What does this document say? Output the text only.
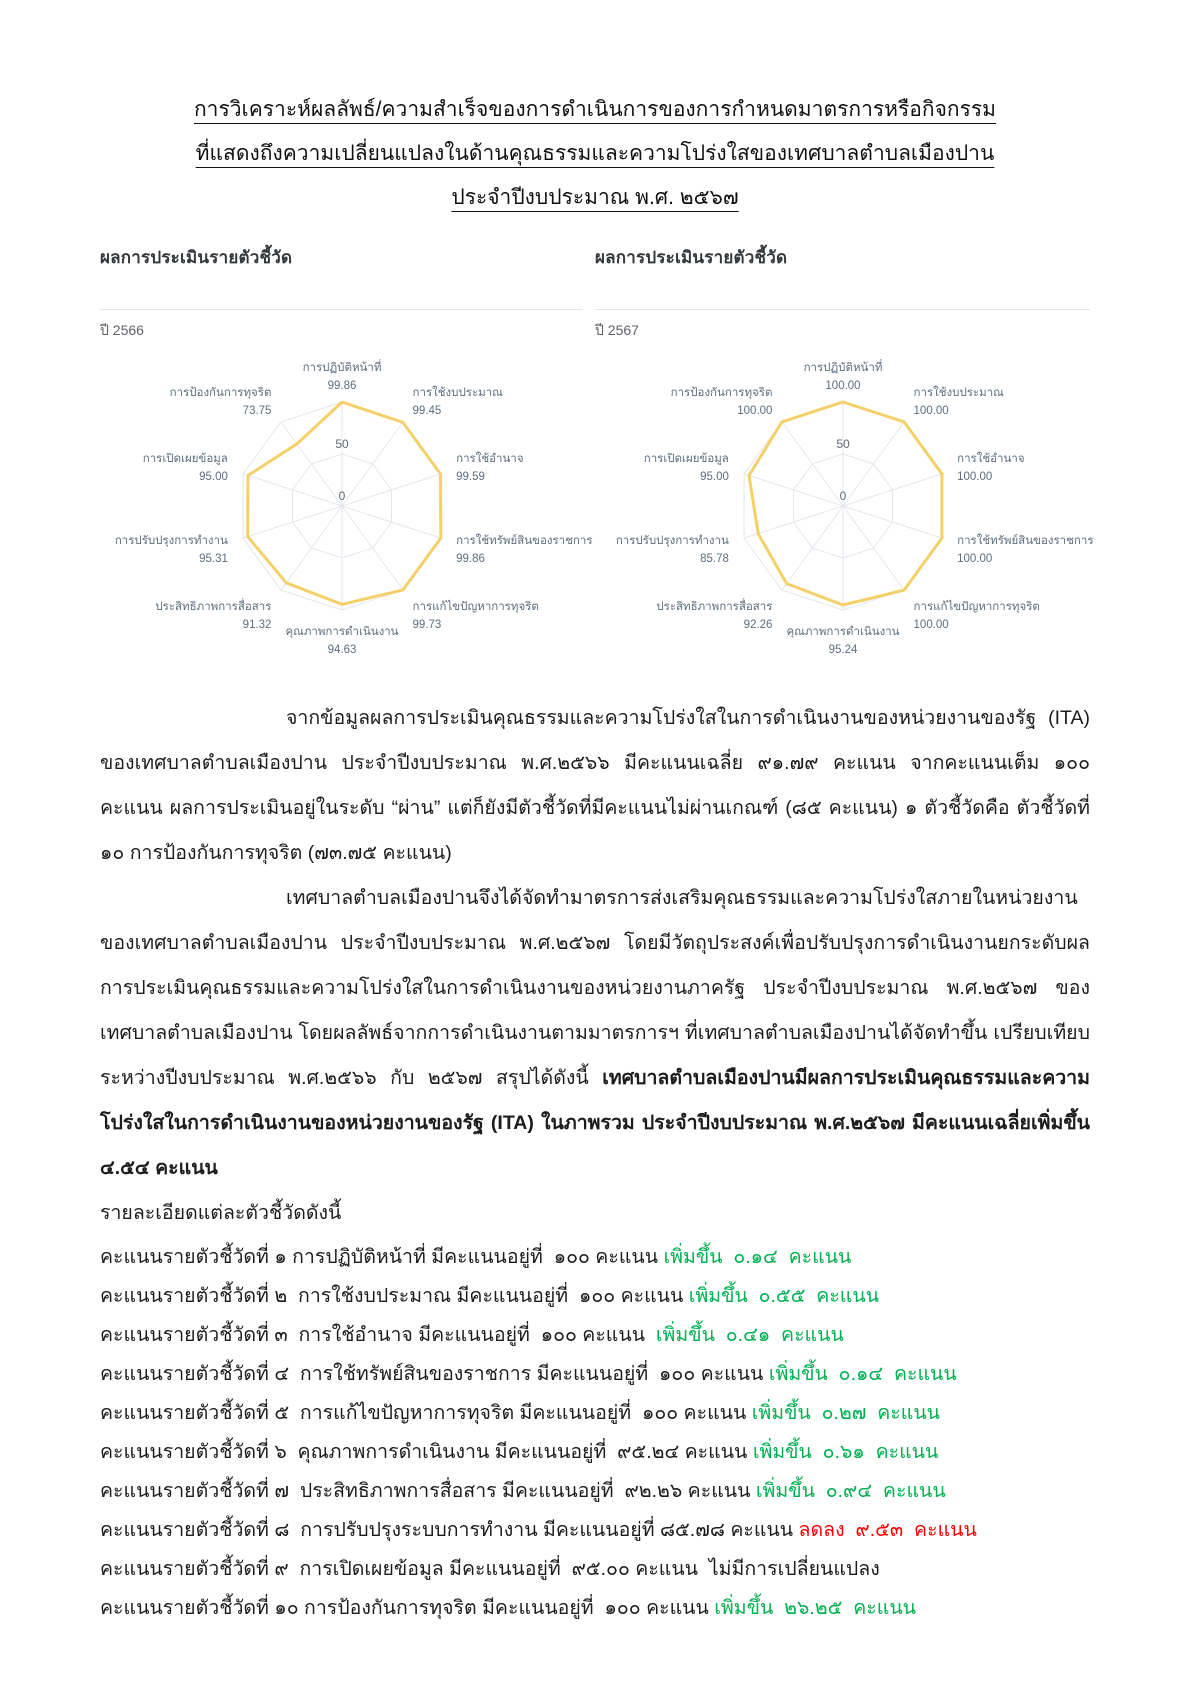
การวิเคราะห์ผลลัพธ์/ความสำเร็จของการดำเนินการของการกำหนดมาตรการหรือกิจกรรม
ที่แสดงถึงความเปลี่ยนแปลงในด้านคุณธรรมและความโปร่งใสของเทศบาลตำบลเมืองปาน
ประจำปีงบประมาณ พ.ศ. ๒๕๖๗
ผลการประเมินรายตัวชี้วัด
ปี 2566
0
50
การปฏิบัติหน้าที่
99.86
การใช้งบประมาณ
99.45
การใช้อำนาจ
99.59
การใช้ทรัพย์สินของราชการ
99.86
การแก้ไขปัญหาการทุจริต
99.73
คุณภาพการดำเนินงาน
94.63
ประสิทธิภาพการสื่อสาร
91.32
การปรับปรุงการทำงาน
95.31
การเปิดเผยข้อมูล
95.00
การป้องกันการทุจริต
73.75
ผลการประเมินรายตัวชี้วัด
ปี 2567
0
50
การปฏิบัติหน้าที่
100.00
การใช้งบประมาณ
100.00
การใช้อำนาจ
100.00
การใช้ทรัพย์สินของราชการ
100.00
การแก้ไขปัญหาการทุจริต
100.00
คุณภาพการดำเนินงาน
95.24
ประสิทธิภาพการสื่อสาร
92.26
การปรับปรุงการทำงาน
85.78
การเปิดเผยข้อมูล
95.00
การป้องกันการทุจริต
100.00

จากข้อมูลผลการประเมินคุณธรรมและความโปร่งใสในการดำเนินงานของหน่วยงานของรัฐ (ITA) ของเทศบาลตำบลเมืองปาน ประจำปีงบประมาณ พ.ศ.๒๕๖๖ มีคะแนนเฉลี่ย ๙๑.๗๙ คะแนน จากคะแนนเต็ม ๑๐๐ คะแนน ผลการประเมินอยู่ในระดับ “ผ่าน” แต่ก็ยังมีตัวชี้วัดที่มีคะแนนไม่ผ่านเกณฑ์ (๘๕ คะแนน) ๑ ตัวชี้วัดคือ ตัวชี้วัดที่ ๑๐ การป้องกันการทุจริต (๗๓.๗๕ คะแนน)

เทศบาลตำบลเมืองปานจึงได้จัดทำมาตรการส่งเสริมคุณธรรมและความโปร่งใสภายในหน่วยงานของเทศบาลตำบลเมืองปาน ประจำปีงบประมาณ พ.ศ.๒๕๖๗ โดยมีวัตถุประสงค์เพื่อปรับปรุงการดำเนินงานยกระดับผลการประเมินคุณธรรมและความโปร่งใสในการดำเนินงานของหน่วยงานภาครัฐ ประจำปีงบประมาณ พ.ศ.๒๕๖๗ ของเทศบาลตำบลเมืองปาน โดยผลลัพธ์จากการดำเนินงานตามมาตรการฯ ที่เทศบาลตำบลเมืองปานได้จัดทำขึ้น เปรียบเทียบระหว่างปีงบประมาณ พ.ศ.๒๕๖๖ กับ ๒๕๖๗ สรุปได้ดังนี้ เทศบาลตำบลเมืองปานมีผลการประเมินคุณธรรมและความโปร่งใสในการดำเนินงานของหน่วยงานของรัฐ (ITA) ในภาพรวม ประจำปีงบประมาณ พ.ศ.๒๕๖๗ มีคะแนนเฉลี่ยเพิ่มขึ้น ๔.๕๔ คะแนน

รายละเอียดแต่ละตัวชี้วัดดังนี้

คะแนนรายตัวชี้วัดที่ ๑ การปฏิบัติหน้าที่ มีคะแนนอยู่ที่  ๑๐๐ คะแนน เพิ่มขึ้น  ๐.๑๔  คะแนน
คะแนนรายตัวชี้วัดที่ ๒  การใช้งบประมาณ มีคะแนนอยู่ที่  ๑๐๐ คะแนน เพิ่มขึ้น  ๐.๕๕  คะแนน
คะแนนรายตัวชี้วัดที่ ๓  การใช้อำนาจ มีคะแนนอยู่ที่  ๑๐๐ คะแนน  เพิ่มขึ้น  ๐.๔๑  คะแนน
คะแนนรายตัวชี้วัดที่ ๔  การใช้ทรัพย์สินของราชการ มีคะแนนอยู่ที่  ๑๐๐ คะแนน เพิ่มขึ้น  ๐.๑๔  คะแนน
คะแนนรายตัวชี้วัดที่ ๕  การแก้ไขปัญหาการทุจริต มีคะแนนอยู่ที่  ๑๐๐ คะแนน เพิ่มขึ้น  ๐.๒๗  คะแนน
คะแนนรายตัวชี้วัดที่ ๖  คุณภาพการดำเนินงาน มีคะแนนอยู่ที่  ๙๕.๒๔ คะแนน เพิ่มขึ้น  ๐.๖๑  คะแนน
คะแนนรายตัวชี้วัดที่ ๗  ประสิทธิภาพการสื่อสาร มีคะแนนอยู่ที่  ๙๒.๒๖ คะแนน เพิ่มขึ้น  ๐.๙๔  คะแนน
คะแนนรายตัวชี้วัดที่ ๘  การปรับปรุงระบบการทำงาน มีคะแนนอยู่ที่ ๘๕.๗๘ คะแนน ลดลง  ๙.๕๓  คะแนน
คะแนนรายตัวชี้วัดที่ ๙  การเปิดเผยข้อมูล มีคะแนนอยู่ที่  ๙๕.๐๐ คะแนน  ไม่มีการเปลี่ยนแปลง
คะแนนรายตัวชี้วัดที่ ๑๐ การป้องกันการทุจริต มีคะแนนอยู่ที่  ๑๐๐ คะแนน เพิ่มขึ้น  ๒๖.๒๕  คะแนน
